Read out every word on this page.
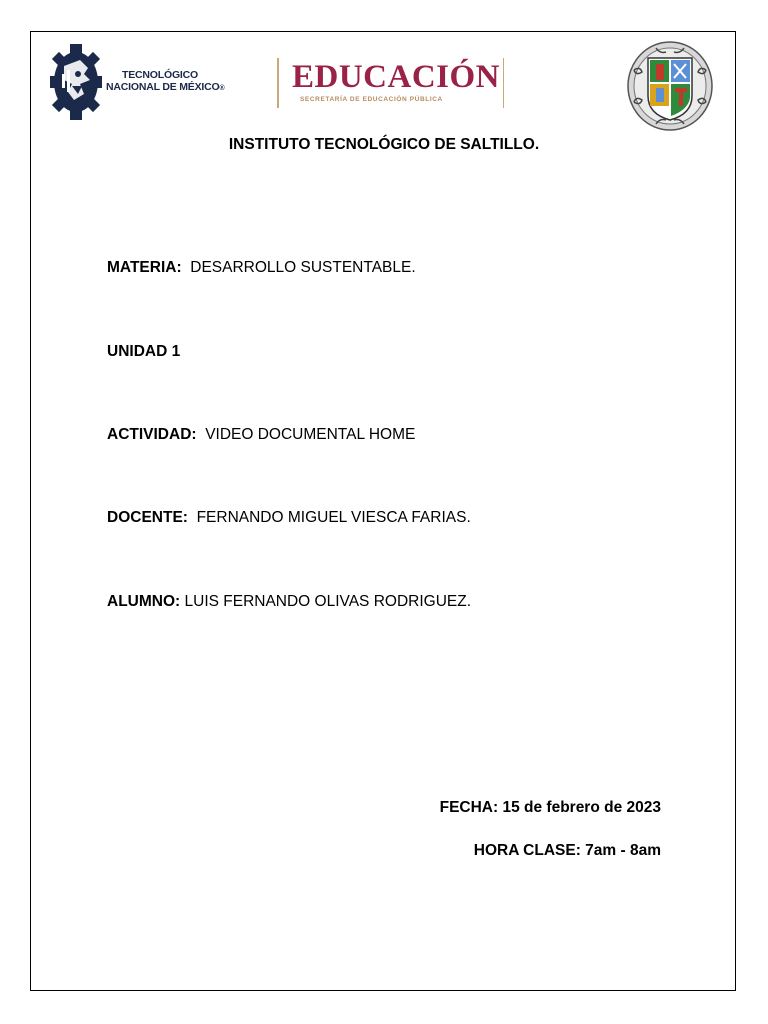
TECNOLÓGICO
NACIONAL DE MÉXICO® EDUCACIÓN
SECRETARÍA DE EDUCACIÓN PÚBLICA
INSTITUTO TECNOLÓGICO DE SALTILLO.
MATERIA: DESARROLLO SUSTENTABLE.
UNIDAD 1
ACTIVIDAD: VIDEO DOCUMENTAL HOME
DOCENTE: FERNANDO MIGUEL VIESCA FARIAS.
ALUMNO: LUIS FERNANDO OLIVAS RODRIGUEZ.
FECHA: 15 de febrero de 2023
HORA CLASE: 7am - 8am
